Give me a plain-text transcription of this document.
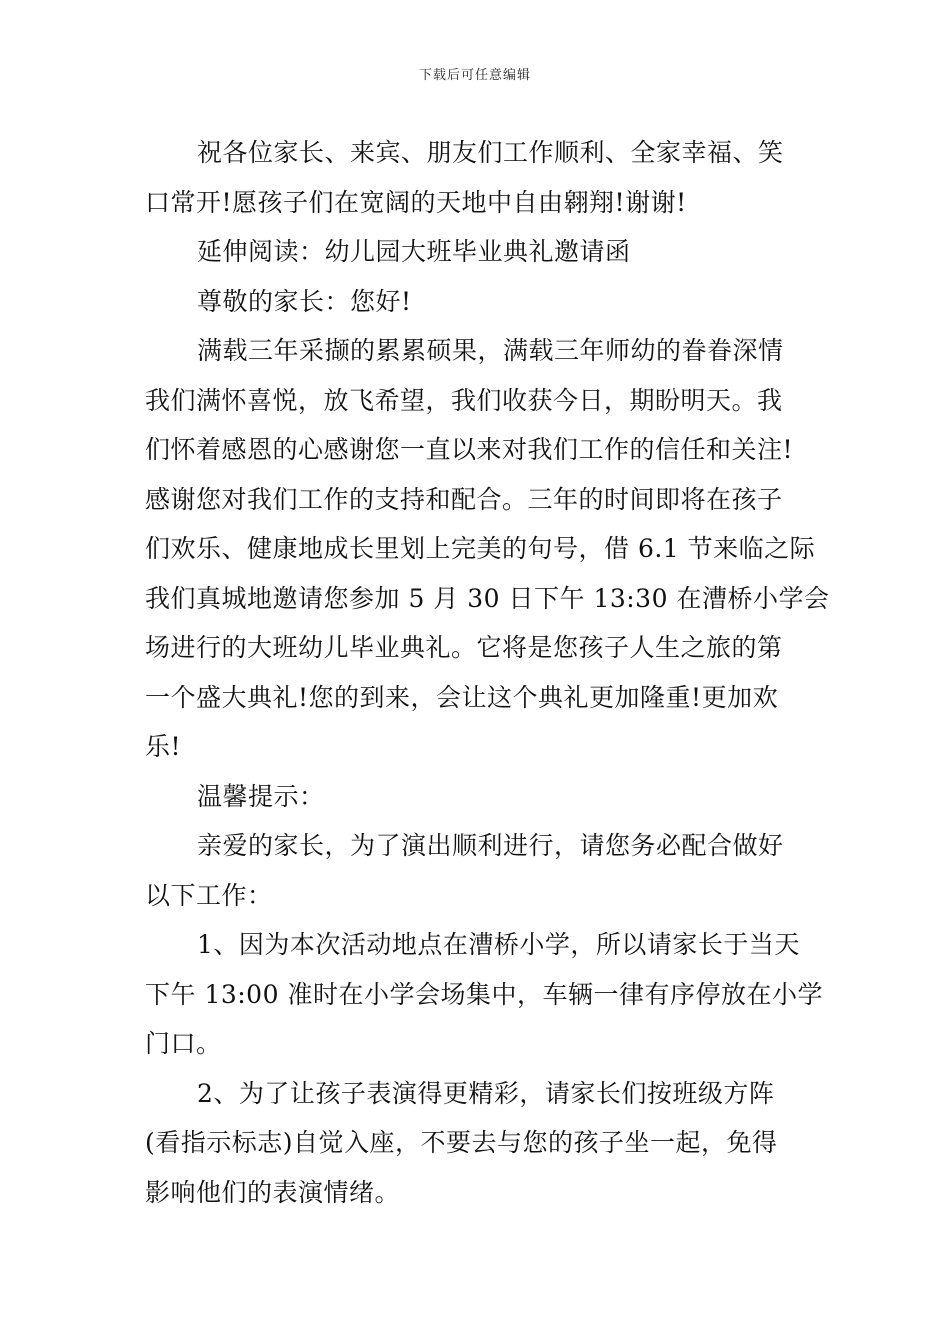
下载后可任意编辑
祝各位家长、来宾、朋友们工作顺利、全家幸福、笑
口常开!愿孩子们在宽阔的天地中自由翱翔!谢谢!
延伸阅读：幼儿园大班毕业典礼邀请函
尊敬的家长：您好!
满载三年采撷的累累硕果，满载三年师幼的眷眷深情
我们满怀喜悦，放飞希望，我们收获今日，期盼明天。我
们怀着感恩的心感谢您一直以来对我们工作的信任和关注!
感谢您对我们工作的支持和配合。三年的时间即将在孩子
们欢乐、健康地成长里划上完美的句号，借 6.1 节来临之际
我们真城地邀请您参加 5 月 30 日下午 13:30 在漕桥小学会
场进行的大班幼儿毕业典礼。它将是您孩子人生之旅的第
一个盛大典礼!您的到来，会让这个典礼更加隆重!更加欢
乐!
温馨提示：
亲爱的家长，为了演出顺利进行，请您务必配合做好
以下工作：
1、因为本次活动地点在漕桥小学，所以请家长于当天
下午 13:00 准时在小学会场集中，车辆一律有序停放在小学
门口。
2、为了让孩子表演得更精彩，请家长们按班级方阵
(看指示标志)自觉入座，不要去与您的孩子坐一起，免得
影响他们的表演情绪。
